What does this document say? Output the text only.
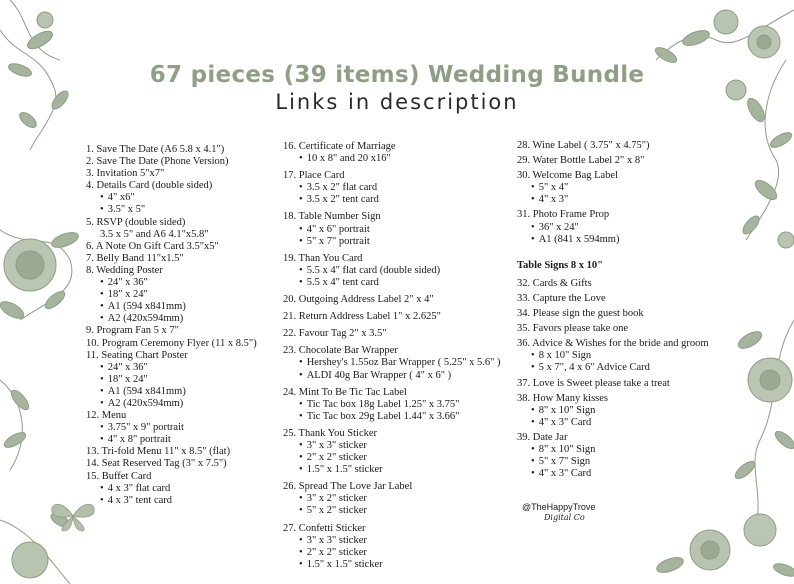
67 pieces (39 items) Wedding Bundle
Links in description
1. Save The Date (A6 5.8 x 4.1")
2. Save The Date (Phone Version)
3. Invitation 5"x7"
4. Details Card (double sided)
• 4" x6"
• 3.5" x 5"
5. RSVP (double sided)
3.5 x 5" and A6 4.1"x5.8"
6. A Note On Gift Card 3.5"x5"
7. Belly Band 11"x1.5"
8. Wedding Poster
• 24" x 36"
• 18" x 24"
• A1 (594 x841mm)
• A2 (420x594mm)
9. Program Fan 5 x 7"
10. Program Ceremony Flyer (11 x 8.5")
11. Seating Chart Poster
• 24" x 36"
• 18" x 24"
• A1 (594 x841mm)
• A2 (420x594mm)
12. Menu
• 3.75" x 9" portrait
• 4" x 8" portrait
13. Tri-fold Menu 11" x 8.5" (flat)
14. Seat Reserved Tag (3" x 7.5")
15. Buffet Card
• 4 x 3" flat card
• 4 x 3" tent card
16. Certificate of Marriage
• 10 x 8" and 20 x16"
17. Place Card
• 3.5 x 2" flat card
• 3.5 x 2" tent card
18. Table Number Sign
• 4" x 6" portrait
• 5" x 7" portrait
19. Than You Card
• 5.5 x 4" flat card (double sided)
• 5.5 x 4" tent card
20. Outgoing Address Label 2" x 4"
21. Return Address Label 1" x 2.625"
22. Favour Tag 2" x 3.5"
23. Chocolate Bar Wrapper
• Hershey's 1.55oz Bar Wrapper ( 5.25" x 5.6" )
• ALDI 40g Bar Wrapper ( 4" x 6" )
24. Mint To Be Tic Tac Label
• Tic Tac box 18g Label 1.25" x 3.75"
• Tic Tac box 29g Label 1.44" x 3.66"
25. Thank You Sticker
• 3" x 3" sticker
• 2" x 2" sticker
• 1.5" x 1.5" sticker
26. Spread The Love Jar Label
• 3" x 2" sticker
• 5" x 2" sticker
27. Confetti Sticker
• 3" x 3" sticker
• 2" x 2" sticker
• 1.5" x 1.5" sticker
28. Wine Label ( 3.75" x 4.75")
29. Water Bottle Label 2" x 8"
30. Welcome Bag Label
• 5" x 4"
• 4" x 3"
31. Photo Frame Prop
• 36" x 24"
• A1 (841 x 594mm)
Table Signs 8 x 10"
32. Cards & Gifts
33. Capture the Love
34. Please sign the guest book
35. Favors please take one
36. Advice & Wishes for the bride and groom
• 8 x 10" Sign
• 5 x 7", 4 x 6" Advice Card
37. Love is Sweet please take a treat
38. How Many kisses
• 8" x 10" Sign
• 4" x 3" Card
39. Date Jar
• 8" x 10" Sign
• 5" x 7" Sign
• 4" x 3" Card
@TheHappyTrove
Digital Co
